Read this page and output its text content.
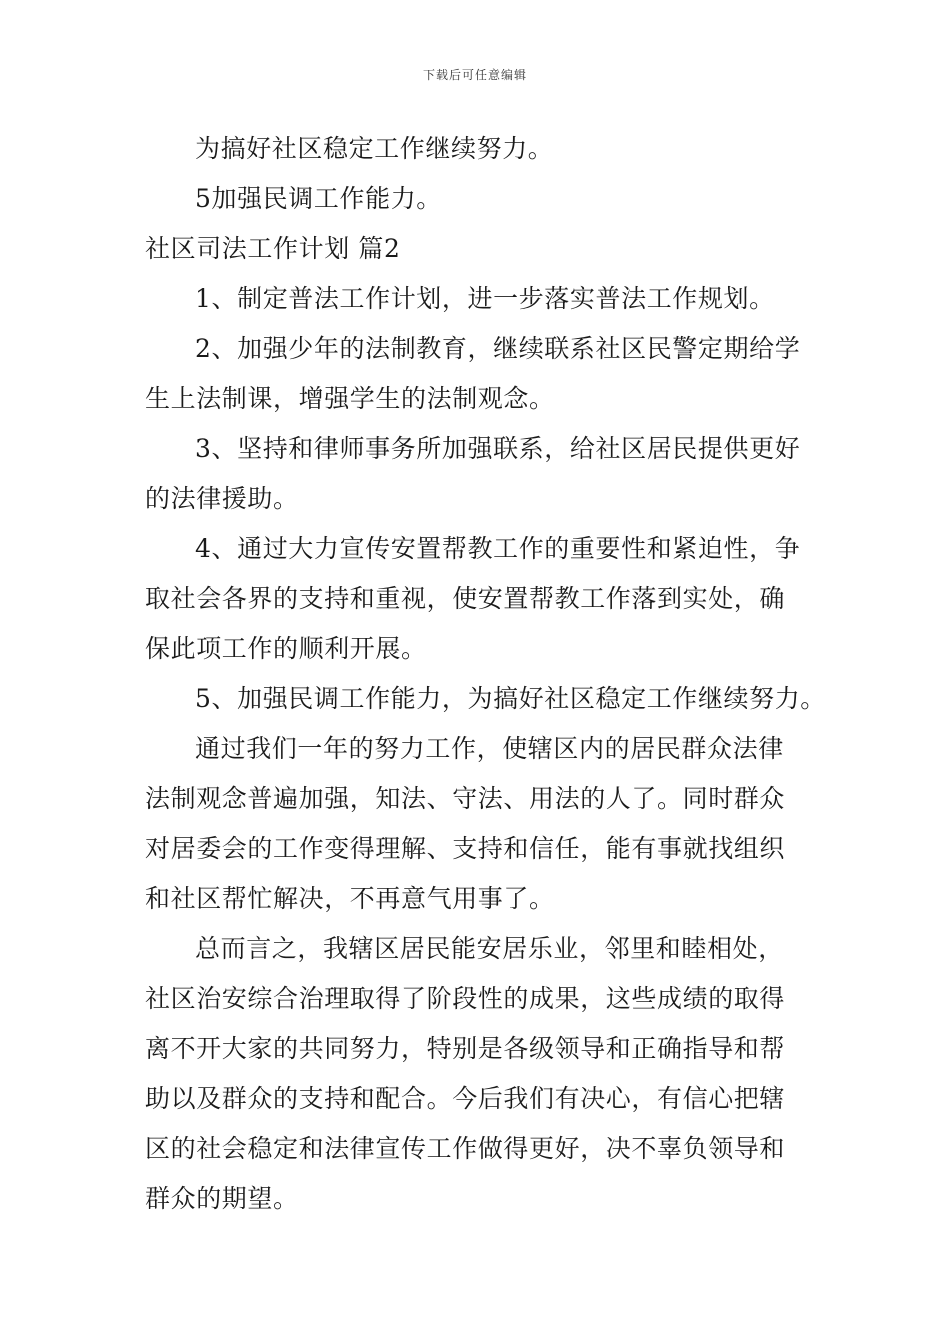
下载后可任意编辑
为搞好社区稳定工作继续努力。
5加强民调工作能力。
社区司法工作计划 篇2
1、制定普法工作计划，进一步落实普法工作规划。
2、加强少年的法制教育，继续联系社区民警定期给学
生上法制课，增强学生的法制观念。
3、坚持和律师事务所加强联系，给社区居民提供更好
的法律援助。
4、通过大力宣传安置帮教工作的重要性和紧迫性，争
取社会各界的支持和重视，使安置帮教工作落到实处，确
保此项工作的顺利开展。
5、加强民调工作能力，为搞好社区稳定工作继续努力。
通过我们一年的努力工作，使辖区内的居民群众法律
法制观念普遍加强，知法、守法、用法的人了。同时群众
对居委会的工作变得理解、支持和信任，能有事就找组织
和社区帮忙解决，不再意气用事了。
总而言之，我辖区居民能安居乐业，邻里和睦相处，
社区治安综合治理取得了阶段性的成果，这些成绩的取得
离不开大家的共同努力，特别是各级领导和正确指导和帮
助以及群众的支持和配合。今后我们有决心，有信心把辖
区的社会稳定和法律宣传工作做得更好，决不辜负领导和
群众的期望。
